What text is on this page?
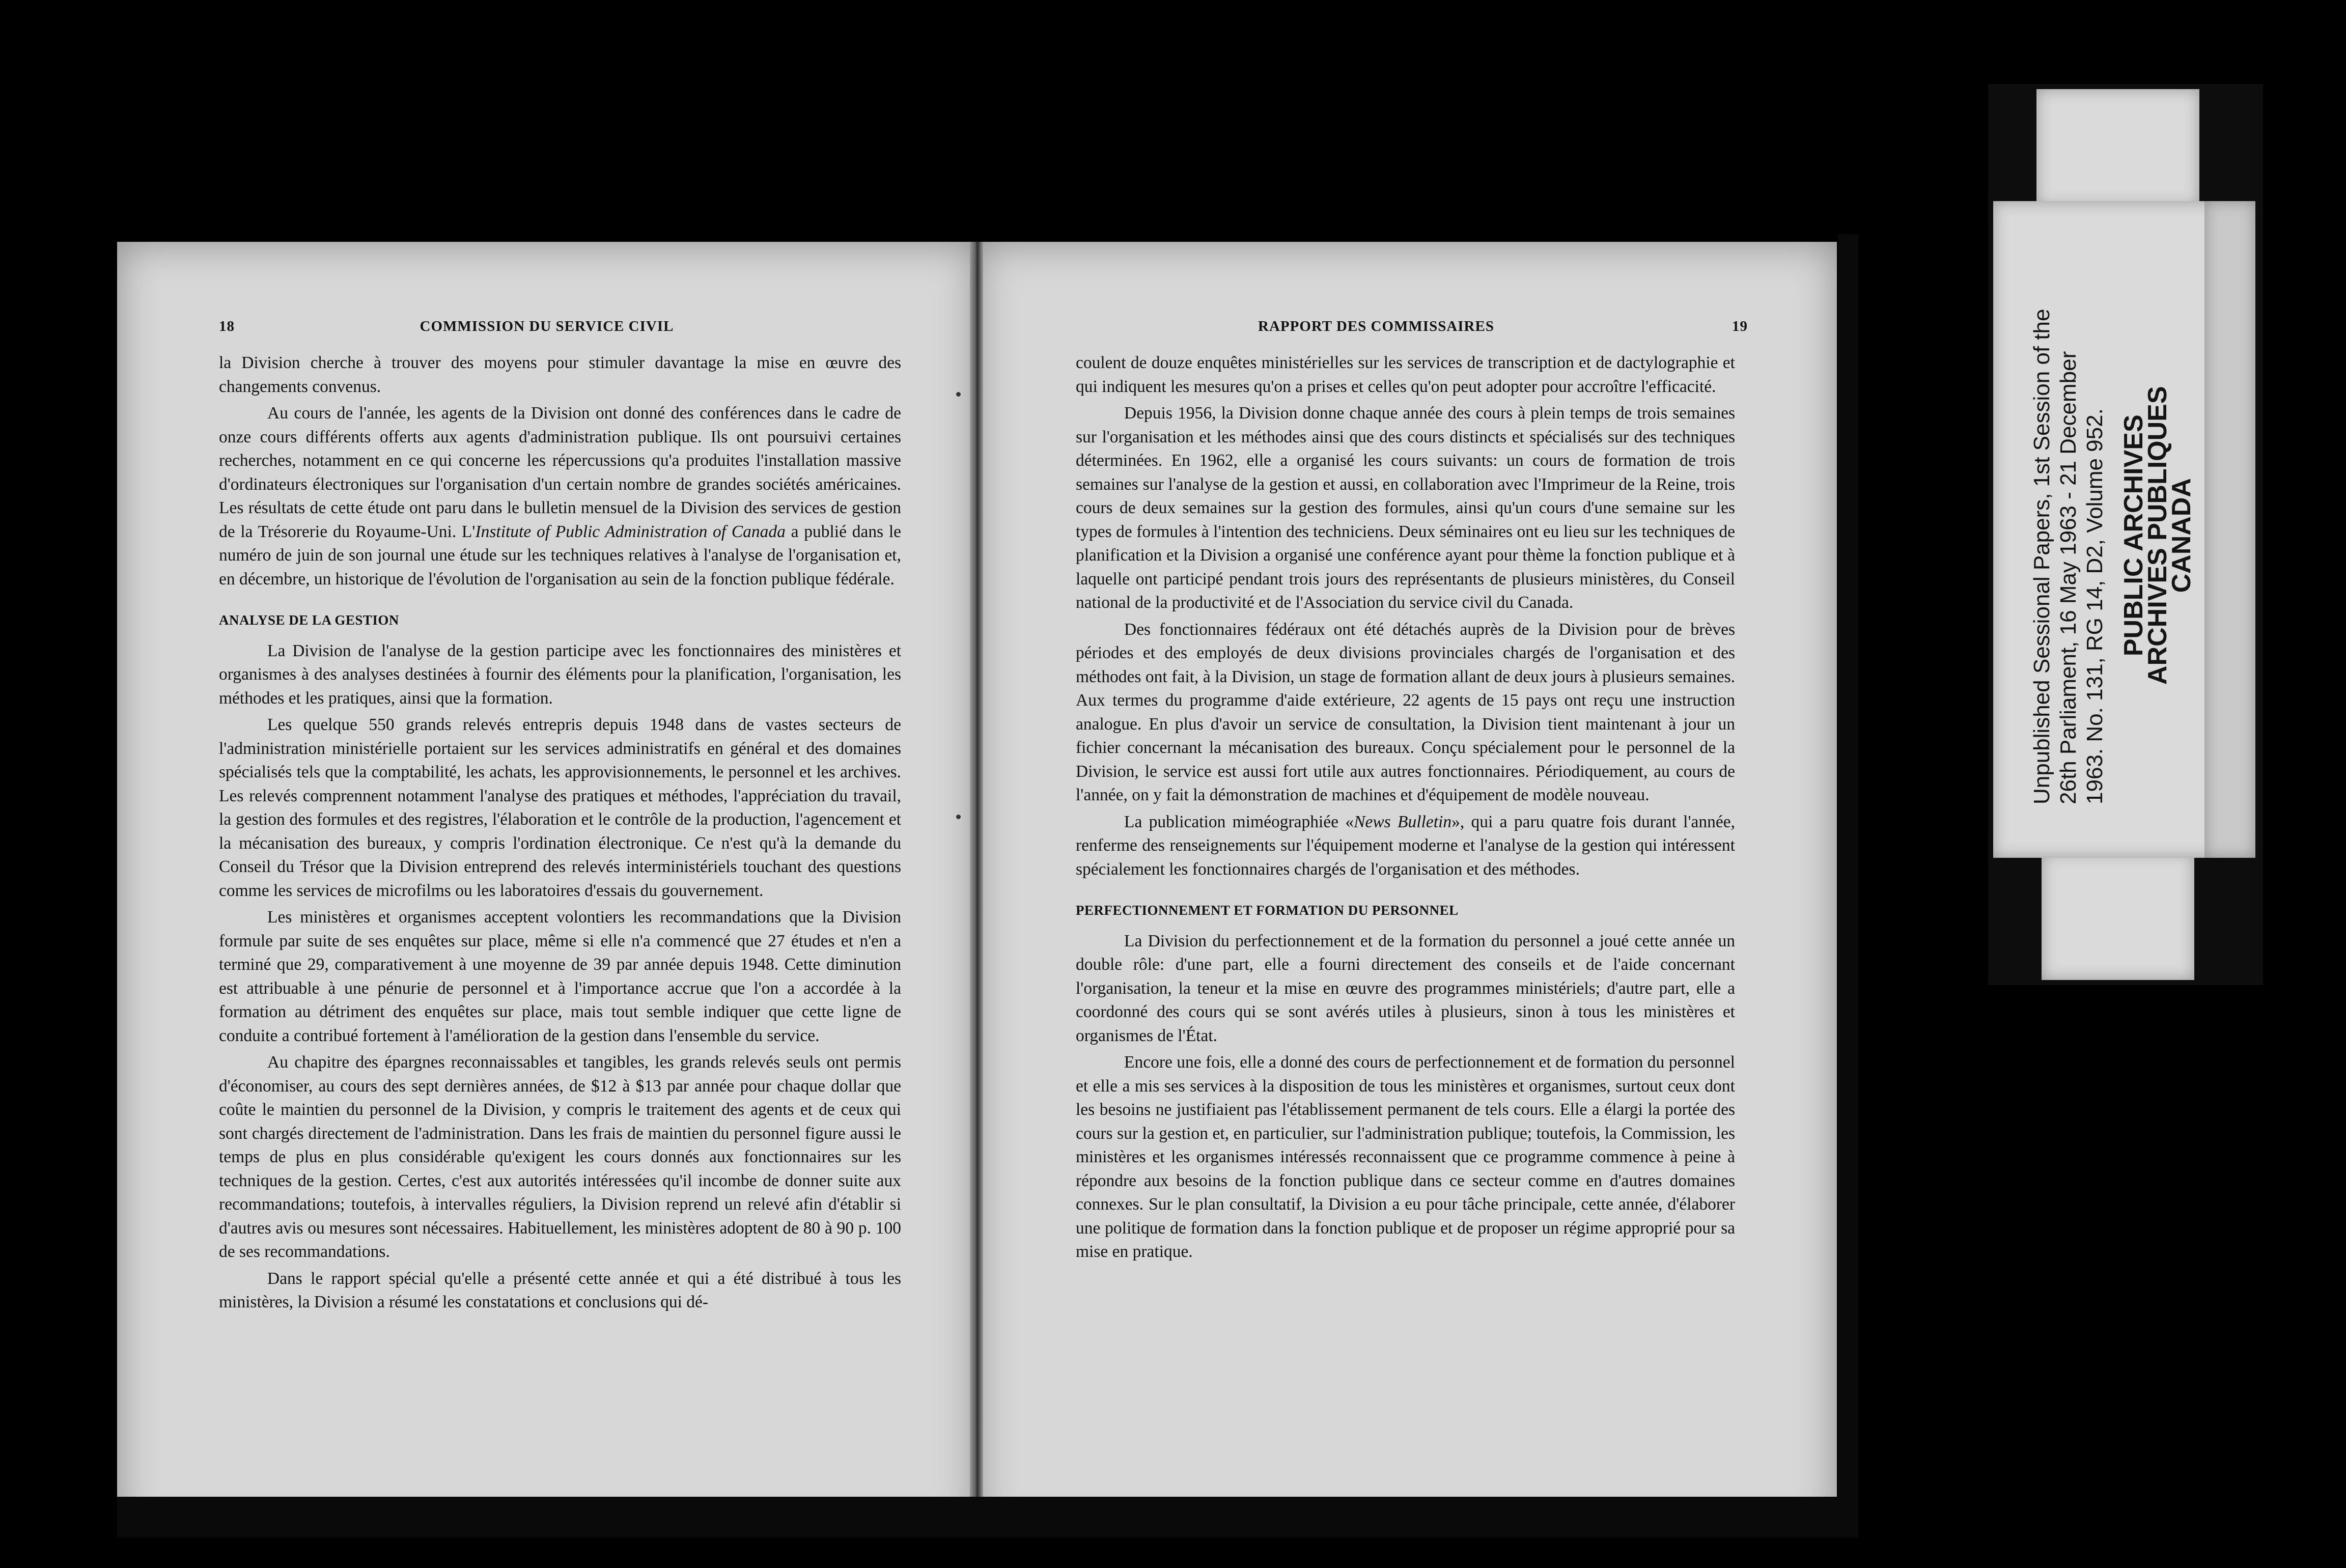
18	COMMISSION DU SERVICE CIVIL

la Division cherche à trouver des moyens pour stimuler davantage la mise en œuvre des changements convenus.

Au cours de l'année, les agents de la Division ont donné des conférences dans le cadre de onze cours différents offerts aux agents d'administration publique. Ils ont poursuivi certaines recherches, notamment en ce qui concerne les répercussions qu'a produites l'installation massive d'ordinateurs électroniques sur l'organisation d'un certain nombre de grandes sociétés américaines. Les résultats de cette étude ont paru dans le bulletin mensuel de la Division des services de gestion de la Trésorerie du Royaume-Uni. L'Institute of Public Administration of Canada a publié dans le numéro de juin de son journal une étude sur les techniques relatives à l'analyse de l'organisation et, en décembre, un historique de l'évolution de l'organisation au sein de la fonction publique fédérale.

ANALYSE DE LA GESTION

La Division de l'analyse de la gestion participe avec les fonctionnaires des ministères et organismes à des analyses destinées à fournir des éléments pour la planification, l'organisation, les méthodes et les pratiques, ainsi que la formation.

Les quelque 550 grands relevés entrepris depuis 1948 dans de vastes secteurs de l'administration ministérielle portaient sur les services administratifs en général et des domaines spécialisés tels que la comptabilité, les achats, les approvisionnements, le personnel et les archives. Les relevés comprennent notamment l'analyse des pratiques et méthodes, l'appréciation du travail, la gestion des formules et des registres, l'élaboration et le contrôle de la production, l'agencement et la mécanisation des bureaux, y compris l'ordination électronique. Ce n'est qu'à la demande du Conseil du Trésor que la Division entreprend des relevés interministériels touchant des questions comme les services de microfilms ou les laboratoires d'essais du gouvernement.

Les ministères et organismes acceptent volontiers les recommandations que la Division formule par suite de ses enquêtes sur place, même si elle n'a commencé que 27 études et n'en a terminé que 29, comparativement à une moyenne de 39 par année depuis 1948. Cette diminution est attribuable à une pénurie de personnel et à l'importance accrue que l'on a accordée à la formation au détriment des enquêtes sur place, mais tout semble indiquer que cette ligne de conduite a contribué fortement à l'amélioration de la gestion dans l'ensemble du service.

Au chapitre des épargnes reconnaissables et tangibles, les grands relevés seuls ont permis d'économiser, au cours des sept dernières années, de $12 à $13 par année pour chaque dollar que coûte le maintien du personnel de la Division, y compris le traitement des agents et de ceux qui sont chargés directement de l'administration. Dans les frais de maintien du personnel figure aussi le temps de plus en plus considérable qu'exigent les cours donnés aux fonctionnaires sur les techniques de la gestion. Certes, c'est aux autorités intéressées qu'il incombe de donner suite aux recommandations; toutefois, à intervalles réguliers, la Division reprend un relevé afin d'établir si d'autres avis ou mesures sont nécessaires. Habituellement, les ministères adoptent de 80 à 90 p. 100 de ses recommandations.

Dans le rapport spécial qu'elle a présenté cette année et qui a été distribué à tous les ministères, la Division a résumé les constatations et conclusions qui dé-

RAPPORT DES COMMISSAIRES	19

coulent de douze enquêtes ministérielles sur les services de transcription et de dactylographie et qui indiquent les mesures qu'on a prises et celles qu'on peut adopter pour accroître l'efficacité.

Depuis 1956, la Division donne chaque année des cours à plein temps de trois semaines sur l'organisation et les méthodes ainsi que des cours distincts et spécialisés sur des techniques déterminées. En 1962, elle a organisé les cours suivants: un cours de formation de trois semaines sur l'analyse de la gestion et aussi, en collaboration avec l'Imprimeur de la Reine, trois cours de deux semaines sur la gestion des formules, ainsi qu'un cours d'une semaine sur les types de formules à l'intention des techniciens. Deux séminaires ont eu lieu sur les techniques de planification et la Division a organisé une conférence ayant pour thème la fonction publique et à laquelle ont participé pendant trois jours des représentants de plusieurs ministères, du Conseil national de la productivité et de l'Association du service civil du Canada.

Des fonctionnaires fédéraux ont été détachés auprès de la Division pour de brèves périodes et des employés de deux divisions provinciales chargés de l'organisation et des méthodes ont fait, à la Division, un stage de formation allant de deux jours à plusieurs semaines. Aux termes du programme d'aide extérieure, 22 agents de 15 pays ont reçu une instruction analogue. En plus d'avoir un service de consultation, la Division tient maintenant à jour un fichier concernant la mécanisation des bureaux. Conçu spécialement pour le personnel de la Division, le service est aussi fort utile aux autres fonctionnaires. Périodiquement, au cours de l'année, on y fait la démonstration de machines et d'équipement de modèle nouveau.

La publication miméographiée «News Bulletin», qui a paru quatre fois durant l'année, renferme des renseignements sur l'équipement moderne et l'analyse de la gestion qui intéressent spécialement les fonctionnaires chargés de l'organisation et des méthodes.

PERFECTIONNEMENT ET FORMATION DU PERSONNEL

La Division du perfectionnement et de la formation du personnel a joué cette année un double rôle: d'une part, elle a fourni directement des conseils et de l'aide concernant l'organisation, la teneur et la mise en œuvre des programmes ministériels; d'autre part, elle a coordonné des cours qui se sont avérés utiles à plusieurs, sinon à tous les ministères et organismes de l'État.

Encore une fois, elle a donné des cours de perfectionnement et de formation du personnel et elle a mis ses services à la disposition de tous les ministères et organismes, surtout ceux dont les besoins ne justifiaient pas l'établissement permanent de tels cours. Elle a élargi la portée des cours sur la gestion et, en particulier, sur l'administration publique; toutefois, la Commission, les ministères et les organismes intéressés reconnaissent que ce programme commence à peine à répondre aux besoins de la fonction publique dans ce secteur comme en d'autres domaines connexes. Sur le plan consultatif, la Division a eu pour tâche principale, cette année, d'élaborer une politique de formation dans la fonction publique et de proposer un régime approprié pour sa mise en pratique.

Unpublished Sessional Papers, 1st Session of the 26th Parliament, 16 May 1963 - 21 December 1963. No. 131, RG 14, D2, Volume 952. PUBLIC ARCHIVES
ARCHIVES PUBLIQUES
CANADA
